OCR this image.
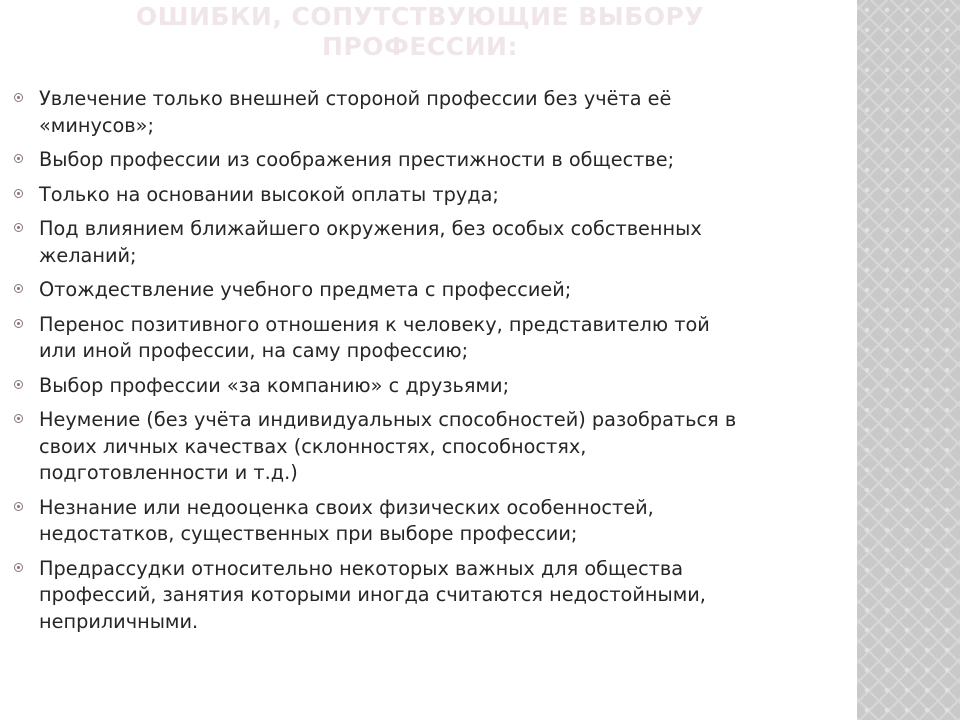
ОШИБКИ, СОПУТСТВУЮЩИЕ ВЫБОРУ ПРОФЕССИИ:
Увлечение только внешней стороной профессии без учёта её «минусов»;
Выбор профессии из соображения престижности в обществе;
Только на основании высокой оплаты труда;
Под влиянием ближайшего окружения, без особых собственных желаний;
Отождествление учебного предмета с профессией;
Перенос позитивного отношения к человеку, представителю той или иной профессии, на саму профессию;
Выбор профессии «за компанию» с друзьями;
Неумение (без учёта индивидуальных способностей) разобраться в своих личных качествах (склонностях, способностях, подготовленности и т.д.)
Незнание или недооценка своих физических особенностей, недостатков, существенных при выборе профессии;
Предрассудки относительно некоторых важных для общества профессий, занятия которыми иногда считаются недостойными, неприличными.
